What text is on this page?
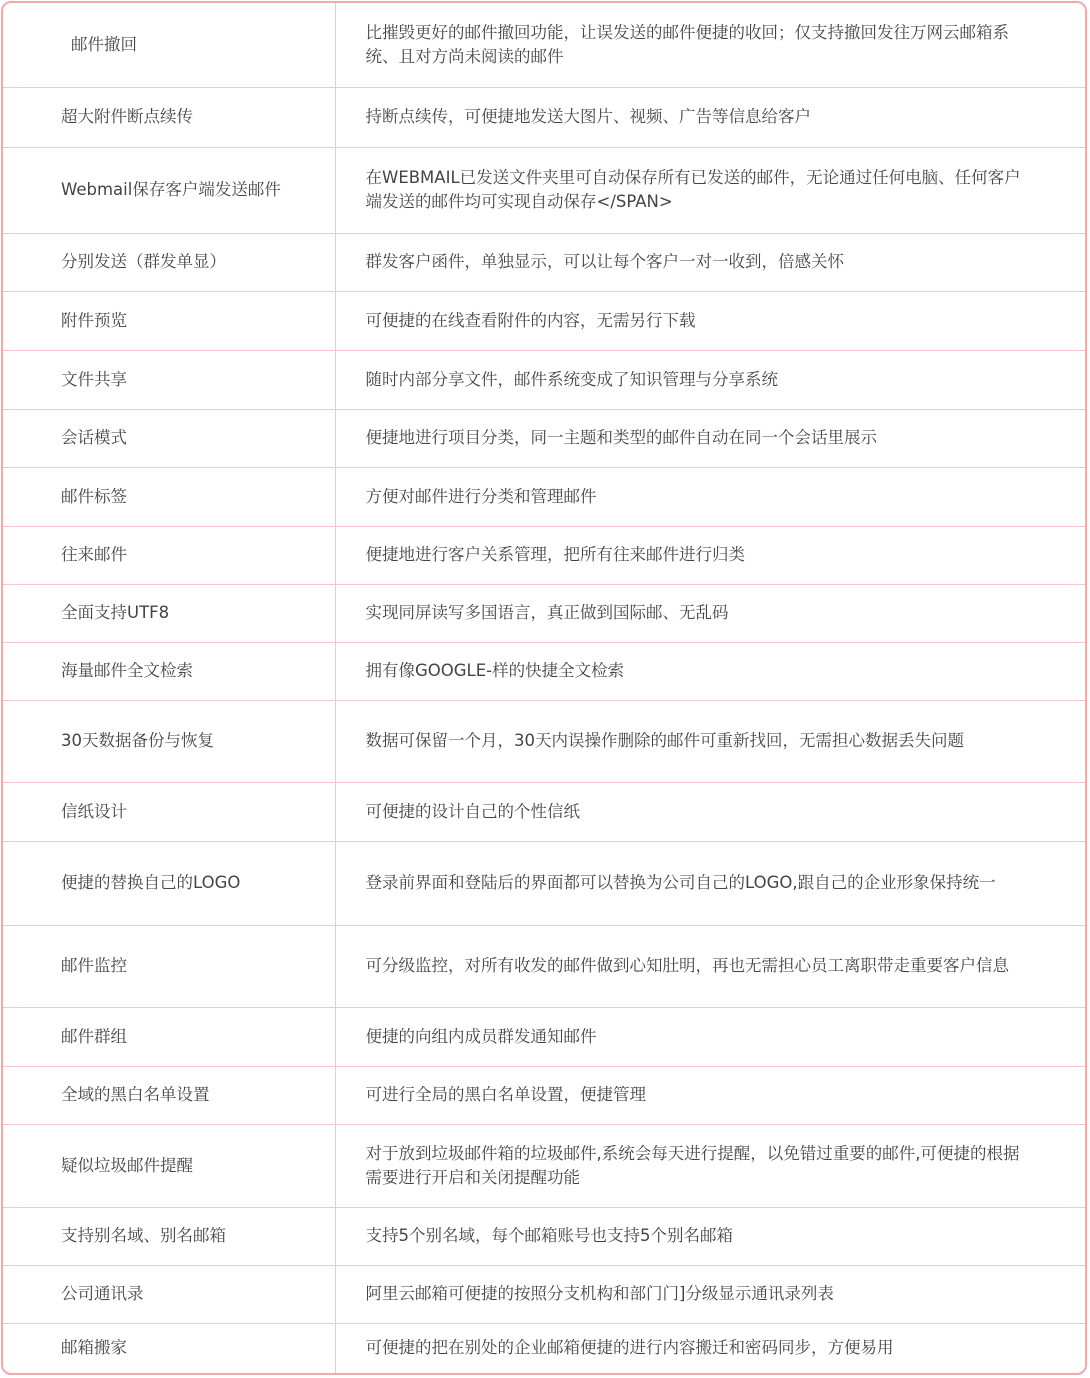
邮件撤回	比摧毁更好的邮件撤回功能，让误发送的邮件便捷的收回；仅支持撤回发往万网云邮箱系统、且对方尚未阅读的邮件
超大附件断点续传	持断点续传，可便捷地发送大图片、视频、广告等信息给客户
Webmail保存客户端发送邮件	在WEBMAIL已发送文件夹里可自动保存所有已发送的邮件，无论通过任何电脑、任何客户端发送的邮件均可实现自动保存</SPAN>
分别发送（群发单显）	群发客户函件，单独显示，可以让每个客户一对一收到，倍感关怀
附件预览	可便捷的在线查看附件的内容，无需另行下载
文件共享	随时内部分享文件，邮件系统变成了知识管理与分享系统
会话模式	便捷地进行项目分类，同一主题和类型的邮件自动在同一个会话里展示
邮件标签	方便对邮件进行分类和管理邮件
往来邮件	便捷地进行客户关系管理，把所有往来邮件进行归类
全面支持UTF8	实现同屏读写多国语言，真正做到国际邮、无乱码
海量邮件全文检索	拥有像GOOGLE-样的快捷全文检索
30天数据备份与恢复	数据可保留一个月，30天内误操作删除的邮件可重新找回，无需担心数据丢失问题
信纸设计	可便捷的设计自己的个性信纸
便捷的替换自己的LOGO	登录前界面和登陆后的界面都可以替换为公司自己的LOGO,跟自己的企业形象保持统一
邮件监控	可分级监控，对所有收发的邮件做到心知肚明，再也无需担心员工离职带走重要客户信息
邮件群组	便捷的向组内成员群发通知邮件
全域的黑白名单设置	可进行全局的黑白名单设置，便捷管理
疑似垃圾邮件提醒	对于放到垃圾邮件箱的垃圾邮件,系统会每天进行提醒，以免错过重要的邮件,可便捷的根据需要进行开启和关闭提醒功能
支持别名域、别名邮箱	支持5个别名域，每个邮箱账号也支持5个别名邮箱
公司通讯录	阿里云邮箱可便捷的按照分支机构和部门门]分级显示通讯录列表
邮箱搬家	可便捷的把在别处的企业邮箱便捷的进行内容搬迁和密码同步，方便易用
